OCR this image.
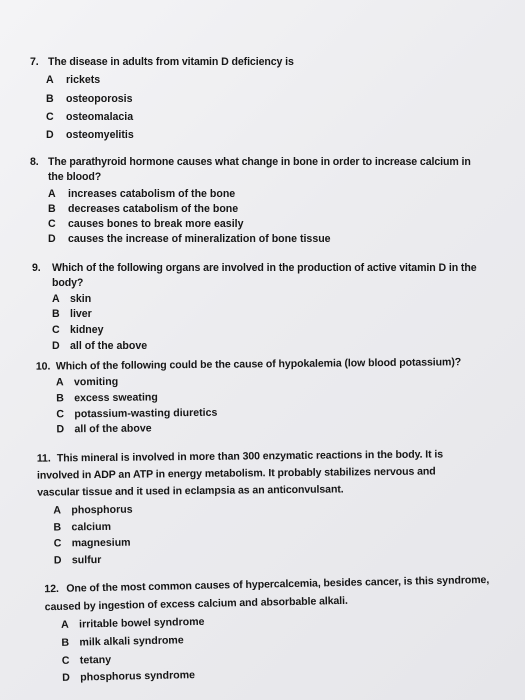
7. The disease in adults from vitamin D deficiency is
A rickets
B osteoporosis
C osteomalacia
D osteomyelitis
8. The parathyroid hormone causes what change in bone in order to increase calcium in
the blood?
A increases catabolism of the bone
B decreases catabolism of the bone
C causes bones to break more easily
D causes the increase of mineralization of bone tissue
9. Which of the following organs are involved in the production of active vitamin D in the
body?
A skin
B liver
C kidney
D all of the above
10. Which of the following could be the cause of hypokalemia (low blood potassium)?
A vomiting
B excess sweating
C potassium-wasting diuretics
D all of the above
11. This mineral is involved in more than 300 enzymatic reactions in the body. It is
involved in ADP an ATP in energy metabolism. It probably stabilizes nervous and
vascular tissue and it used in eclampsia as an anticonvulsant.
A phosphorus
B calcium
C magnesium
D sulfur
12. One of the most common causes of hypercalcemia, besides cancer, is this syndrome,
caused by ingestion of excess calcium and absorbable alkali.
A irritable bowel syndrome
B milk alkali syndrome
C tetany
D phosphorus syndrome
